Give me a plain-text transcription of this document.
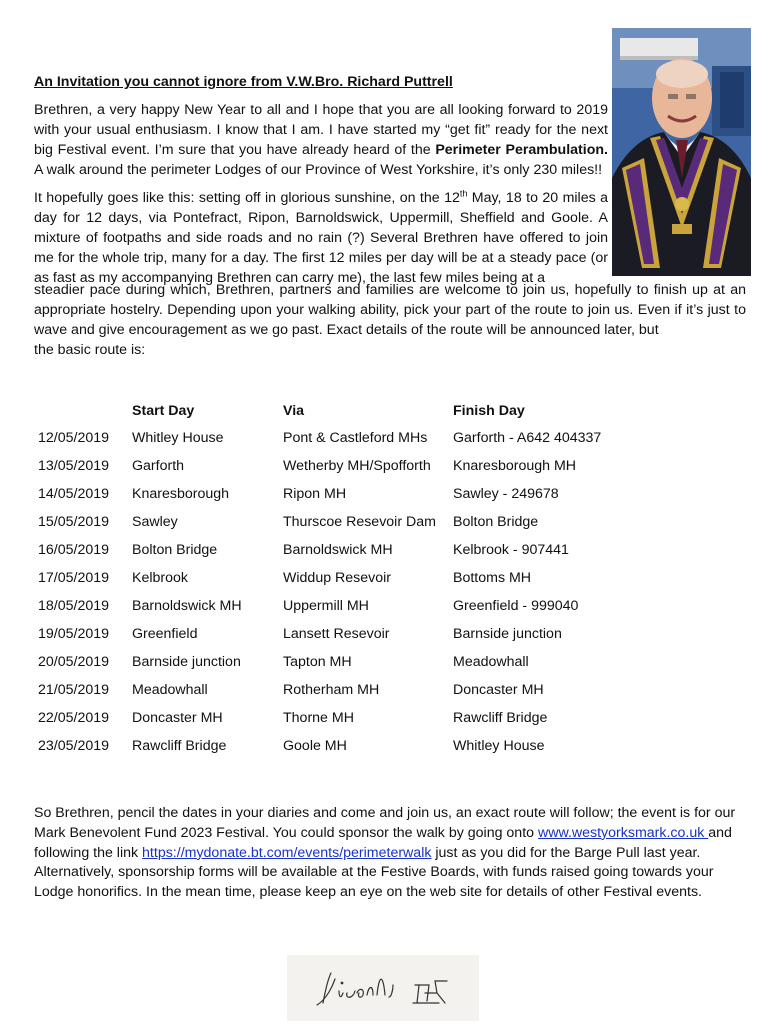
An Invitation you cannot ignore from V.W.Bro. Richard Puttrell

Brethren, a very happy New Year to all and I hope that you are all looking forward to 2019 with your usual enthusiasm. I know that I am. I have started my “get fit” ready for the next big Festival event. I’m sure that you have already heard of the Perimeter Perambulation. A walk around the perimeter Lodges of our Province of West Yorkshire, it’s only 230 miles!!

It hopefully goes like this: setting off in glorious sunshine, on the 12th May, 18 to 20 miles a day for 12 days, via Pontefract, Ripon, Barnoldswick, Uppermill, Sheffield and Goole. A mixture of footpaths and side roads and no rain (?) Several Brethren have offered to join me for the whole trip, many for a day. The first 12 miles per day will be at a steady pace (or as fast as my accompanying Brethren can carry me), the last few miles being at a

steadier pace during which, Brethren, partners and families are welcome to join us, hopefully to finish up at an appropriate hostelry. Depending upon your walking ability, pick your part of the route to join us. Even if it’s just to wave and give encouragement as we go past. Exact details of the route will be announced later, but
the basic route is:
	Start Day	Via	Finish Day
12/05/2019	Whitley House	Pont & Castleford MHs	Garforth - A642 404337
13/05/2019	Garforth	Wetherby MH/Spofforth	Knaresborough MH
14/05/2019	Knaresborough	Ripon MH	Sawley - 249678
15/05/2019	Sawley	Thurscoe Resevoir Dam	Bolton Bridge
16/05/2019	Bolton Bridge	Barnoldswick MH	Kelbrook - 907441
17/05/2019	Kelbrook	Widdup Resevoir	Bottoms MH
18/05/2019	Barnoldswick MH	Uppermill MH	Greenfield - 999040
19/05/2019	Greenfield	Lansett Resevoir	Barnside junction
20/05/2019	Barnside junction	Tapton MH	Meadowhall
21/05/2019	Meadowhall	Rotherham MH	Doncaster MH
22/05/2019	Doncaster MH	Thorne MH	Rawcliff Bridge
23/05/2019	Rawcliff Bridge	Goole MH	Whitley House

So Brethren, pencil the dates in your diaries and come and join us, an exact route will follow; the event is for our Mark Benevolent Fund 2023 Festival. You could sponsor the walk by going onto www.westyorksmark.co.uk and following the link https://mydonate.bt.com/events/perimeterwalk just as you did for the Barge Pull last year. Alternatively, sponsorship forms will be available at the Festive Boards, with funds raised going towards your Lodge honorifics. In the mean time, please keep an eye on the web site for details of other Festival events.
